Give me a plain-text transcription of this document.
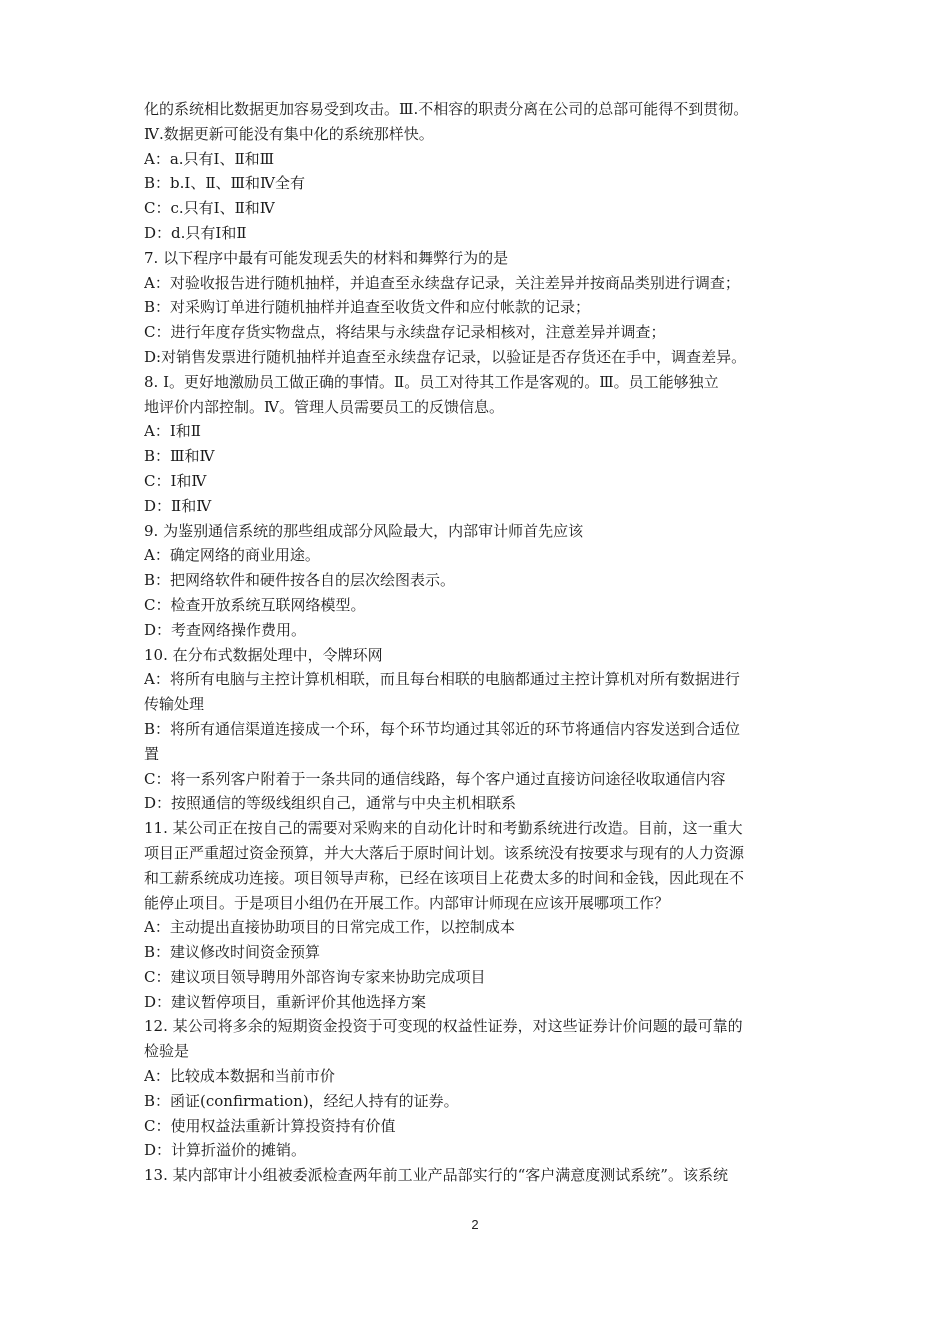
化的系统相比数据更加容易受到攻击。Ⅲ.不相容的职责分离在公司的总部可能得不到贯彻。
Ⅳ.数据更新可能没有集中化的系统那样快。
A：a.只有Ⅰ、Ⅱ和Ⅲ
B：b.Ⅰ、Ⅱ、Ⅲ和Ⅳ全有
C：c.只有Ⅰ、Ⅱ和Ⅳ
D：d.只有Ⅰ和Ⅱ
7. 以下程序中最有可能发现丢失的材料和舞弊行为的是
A：对验收报告进行随机抽样，并追查至永续盘存记录，关注差异并按商品类别进行调查；
B：对采购订单进行随机抽样并追查至收货文件和应付帐款的记录；
C：进行年度存货实物盘点，将结果与永续盘存记录相核对，注意差异并调查；
D:对销售发票进行随机抽样并追查至永续盘存记录，以验证是否存货还在手中，调查差异。
8. Ⅰ。更好地激励员工做正确的事情。Ⅱ。员工对待其工作是客观的。Ⅲ。员工能够独立
地评价内部控制。Ⅳ。管理人员需要员工的反馈信息。
A：Ⅰ和Ⅱ
B：Ⅲ和Ⅳ
C：Ⅰ和Ⅳ
D：Ⅱ和Ⅳ
9. 为鉴别通信系统的那些组成部分风险最大，内部审计师首先应该
A：确定网络的商业用途。
B：把网络软件和硬件按各自的层次绘图表示。
C：检查开放系统互联网络模型。
D：考查网络操作费用。
10. 在分布式数据处理中，令牌环网
A：将所有电脑与主控计算机相联，而且每台相联的电脑都通过主控计算机对所有数据进行
传输处理
B：将所有通信渠道连接成一个环，每个环节均通过其邻近的环节将通信内容发送到合适位
置
C：将一系列客户附着于一条共同的通信线路，每个客户通过直接访问途径收取通信内容
D：按照通信的等级线组织自己，通常与中央主机相联系
11. 某公司正在按自己的需要对采购来的自动化计时和考勤系统进行改造。目前，这一重大
项目正严重超过资金预算，并大大落后于原时间计划。该系统没有按要求与现有的人力资源
和工薪系统成功连接。项目领导声称，已经在该项目上花费太多的时间和金钱，因此现在不
能停止项目。于是项目小组仍在开展工作。内部审计师现在应该开展哪项工作？
A：主动提出直接协助项目的日常完成工作，以控制成本
B：建议修改时间资金预算
C：建议项目领导聘用外部咨询专家来协助完成项目
D：建议暂停项目，重新评价其他选择方案
12. 某公司将多余的短期资金投资于可变现的权益性证券，对这些证券计价问题的最可靠的
检验是
A：比较成本数据和当前市价
B：函证(confirmation)，经纪人持有的证券。
C：使用权益法重新计算投资持有价值
D：计算折溢价的摊销。
13. 某内部审计小组被委派检查两年前工业产品部实行的“客户满意度测试系统”。该系统
2
